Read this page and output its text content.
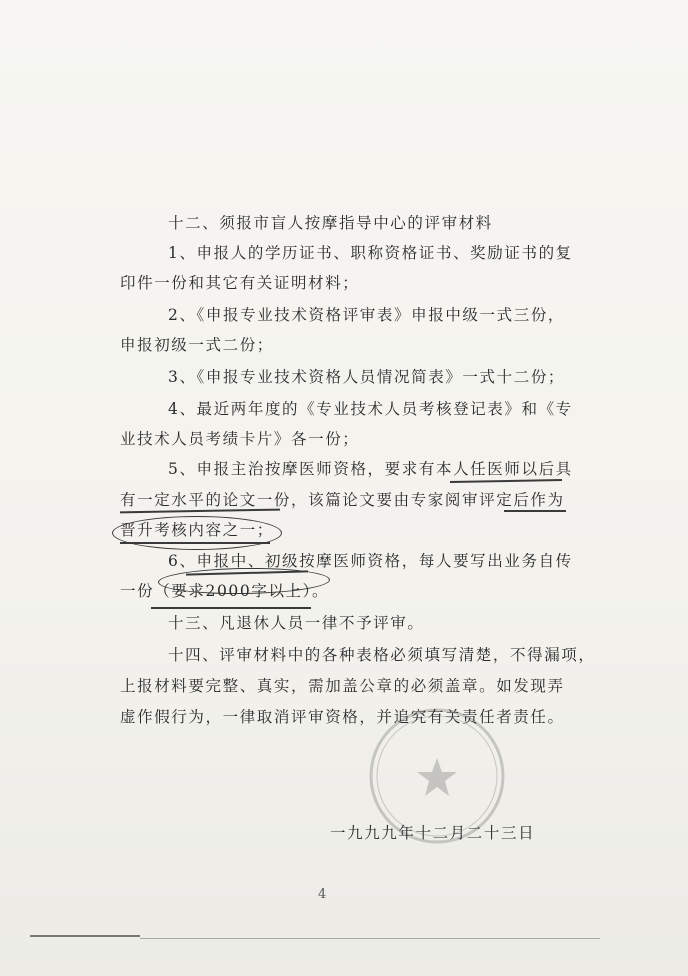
十二、须报市盲人按摩指导中心的评审材料
1、申报人的学历证书、职称资格证书、奖励证书的复
印件一份和其它有关证明材料；
2、《申报专业技术资格评审表》申报中级一式三份，
申报初级一式二份；
3、《申报专业技术资格人员情况简表》一式十二份；
4、最近两年度的《专业技术人员考核登记表》和《专
业技术人员考绩卡片》各一份；
5、申报主治按摩医师资格，要求有本人任医师以后具
有一定水平的论文一份，该篇论文要由专家阅审评定后作为
晋升考核内容之一；
6、申报中、初级按摩医师资格，每人要写出业务自传
一份（要求2000字以上）。
十三、凡退休人员一律不予评审。
十四、评审材料中的各种表格必须填写清楚，不得漏项，
上报材料要完整、真实，需加盖公章的必须盖章。如发现弄
虚作假行为，一律取消评审资格，并追究有关责任者责任。
一九九九年十二月二十三日
4
